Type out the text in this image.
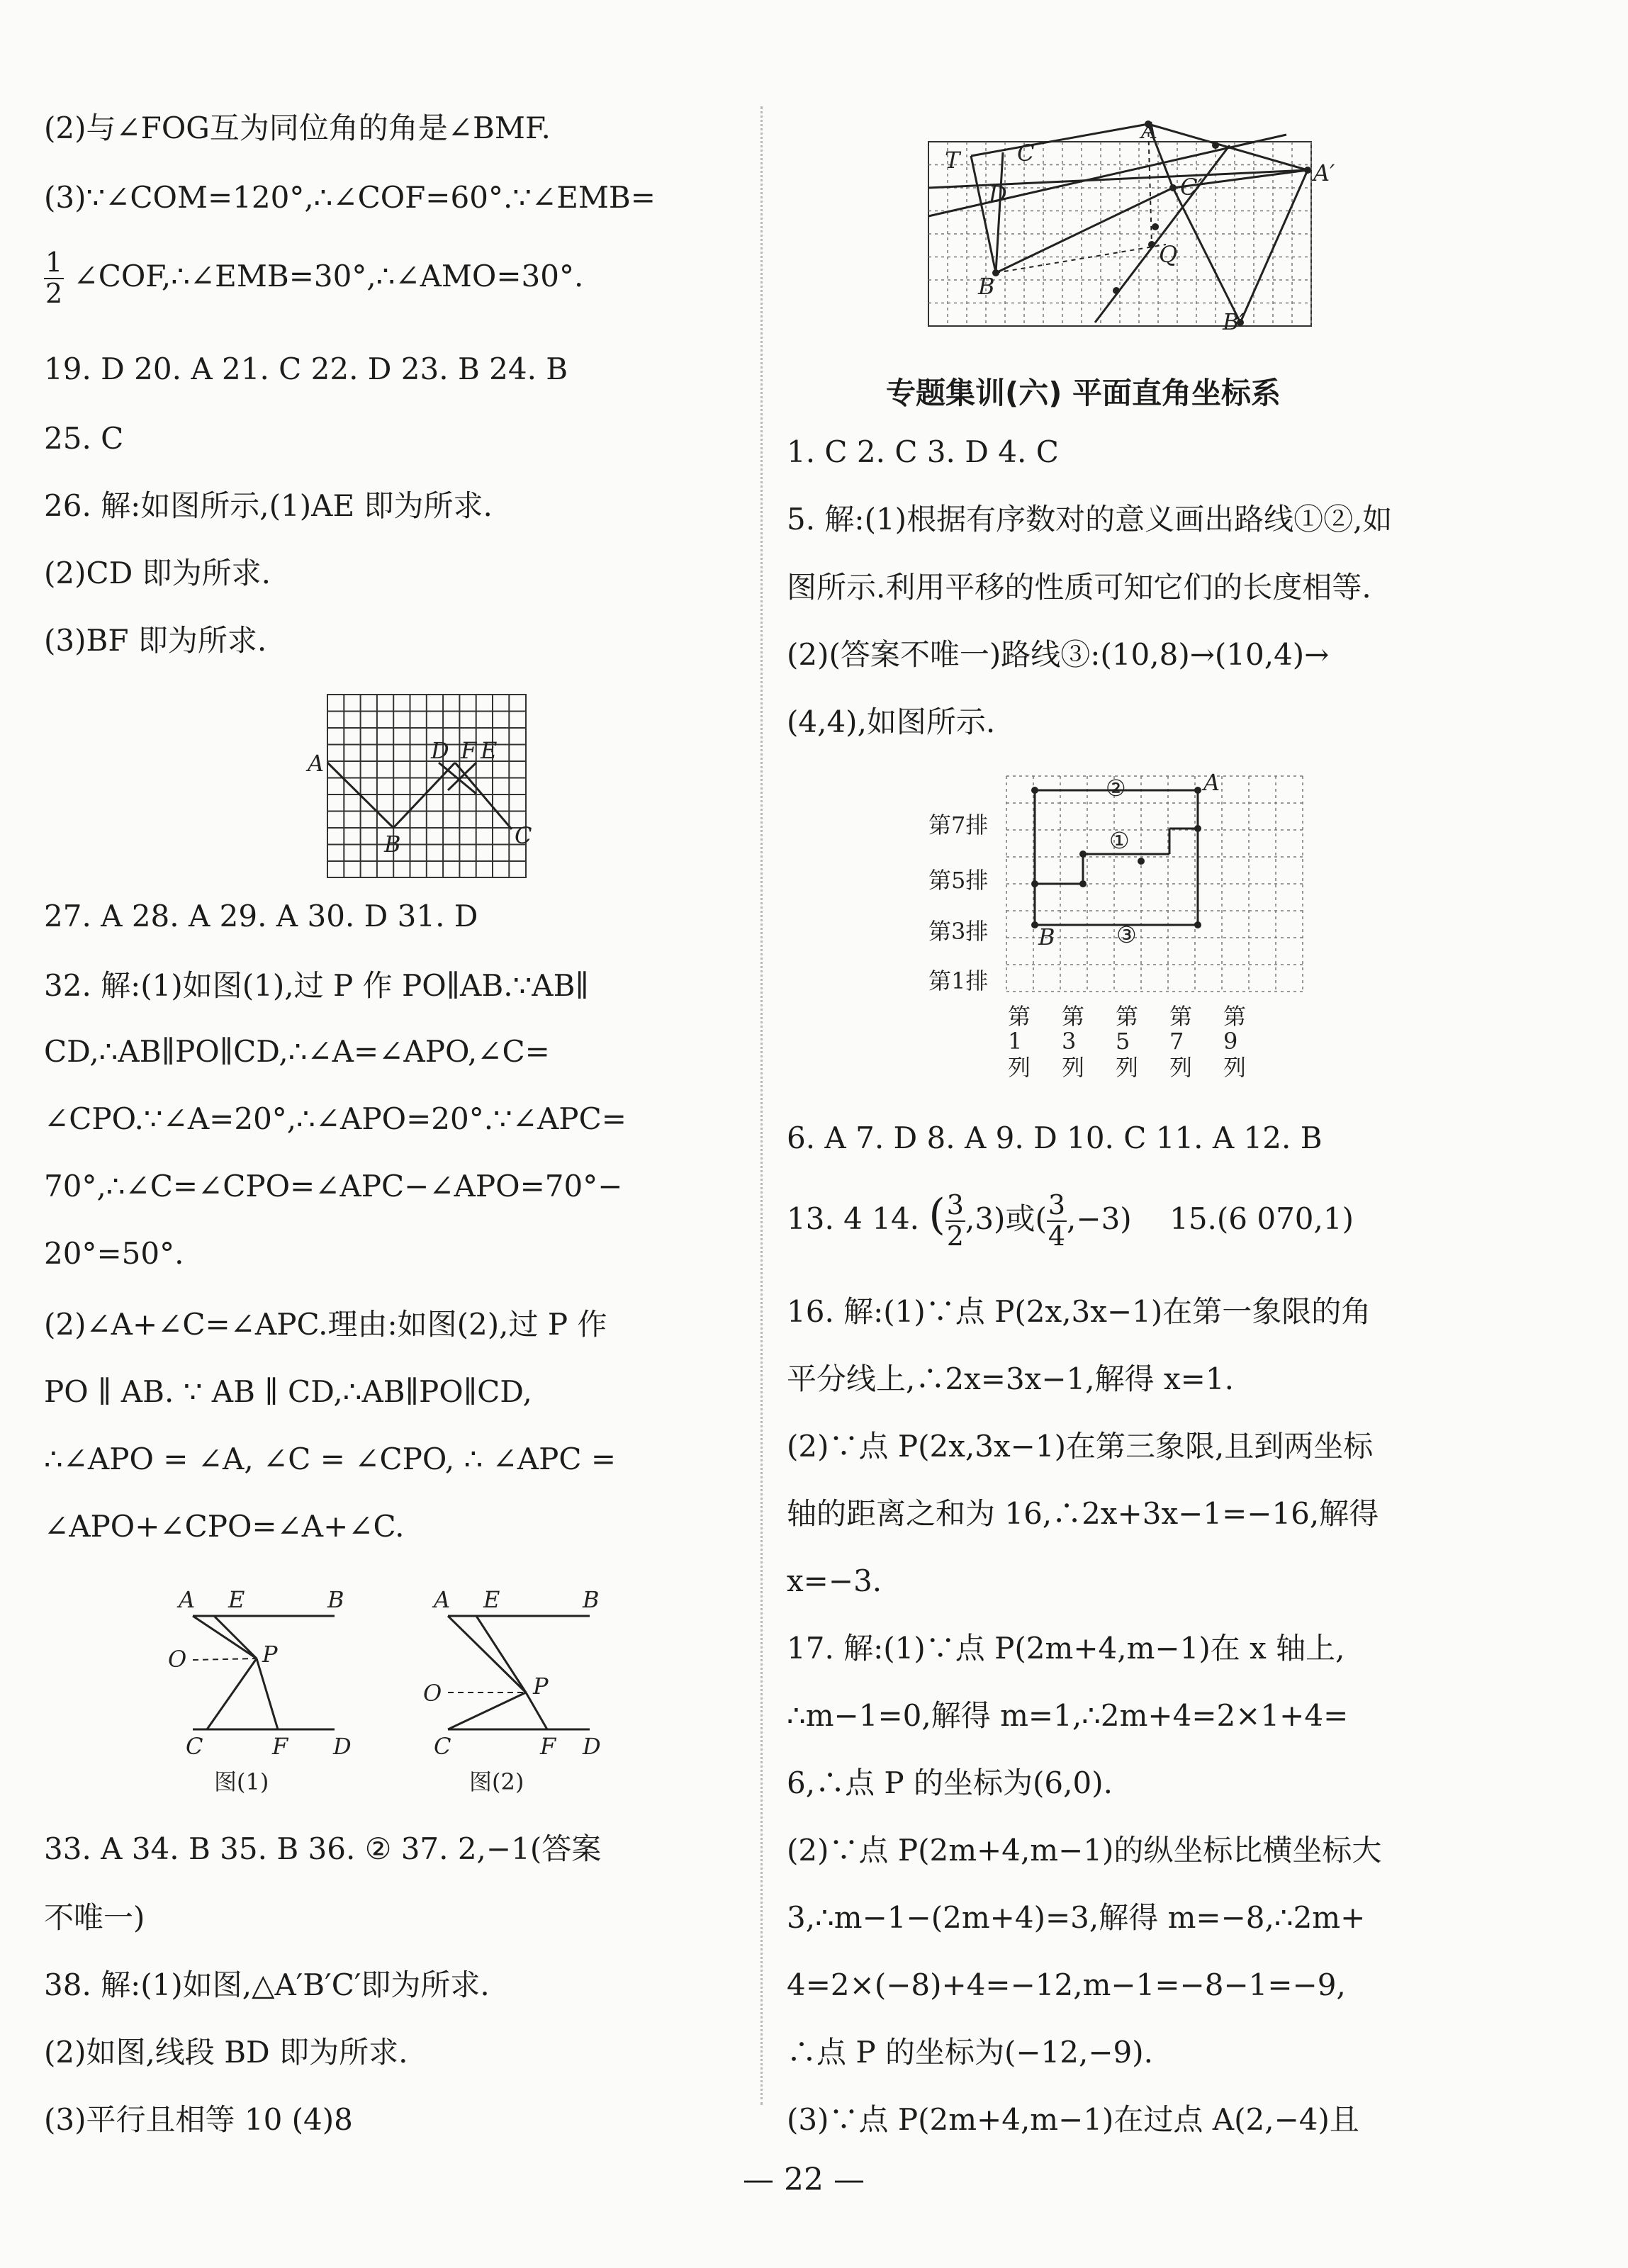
(2)与∠FOG互为同位角的角是∠BMF.
(3)∵∠COM=120°,∴∠COF=60°.∵∠EMB=
$\frac{1}{2}$ ∠COF,∴∠EMB=30°,∴∠AMO=30°.
19. D 20. A 21. C 22. D 23. B 24. B
25. C
26. 解:如图所示,(1)AE 即为所求.
(2)CD 即为所求.
(3)BF 即为所求.
A
B	C
D E
F
27. A 28. A 29. A 30. D 31. D
32. 解:(1)如图(1),过 P 作 PO∥AB.∵AB∥
CD,∴AB∥PO∥CD,∴∠A=∠APO,∠C=
∠CPO.∵∠A=20°,∴∠APO=20°.∵∠APC=
70°,∴∠C=∠CPO=∠APC−∠APO=70°−
20°=50°.
(2)∠A+∠C=∠APC.理由:如图(2),过 P 作
PO ∥ AB. ∵ AB ∥ CD,∴AB∥PO∥CD,
∴∠APO = ∠A, ∠C = ∠CPO, ∴ ∠APC =
∠APO+∠CPO=∠A+∠C.
A E	B
O	P
C	F D
图(1)
A E	B
O	P
C	F D
图(2)
33. A 34. B 35. B 36. ② 37. 2,−1(答案
不唯一)
38. 解:(1)如图,△A′B′C′即为所求.
(2)如图,线段 BD 即为所求.
(3)平行且相等 10 (4)8
T	C
A
D	C′
A′
Q
B
B′
专题集训(六) 平面直角坐标系
1. C 2. C 3. D 4. C
5. 解:(1)根据有序数对的意义画出路线①②,如
图所示.利用平移的性质可知它们的长度相等.
(2)(答案不唯一)路线③:(10,8)→(10,4)→
(4,4),如图所示.
第7排
第5排
第3排
第1排
A
B
②
①
③
第
1
列
第
3
列
第
5
列
第
7
列
第
9
列
6. A 7. D 8. A 9. D 10. C 11. A 12. B
13. 4 14. ( $\frac{3}{2} ,3$)或( $\frac{3}{4} ,-3$) 15.(6 070,1)
16. 解:(1)∵点 P(2x,3x−1)在第一象限的角
平分线上,∴2x=3x−1,解得 x=1.
(2)∵点 P(2x,3x−1)在第三象限,且到两坐标
轴的距离之和为 16,∴2x+3x−1=−16,解得
x=−3.
17. 解:(1)∵点 P(2m+4,m−1)在 x 轴上,
∴m−1=0,解得 m=1,∴2m+4=2×1+4=
6,∴点 P 的坐标为(6,0).
(2)∵点 P(2m+4,m−1)的纵坐标比横坐标大
3,∴m−1−(2m+4)=3,解得 m=−8,∴2m+
4=2×(−8)+4=−12,m−1=−8−1=−9,
∴点 P 的坐标为(−12,−9).
(3)∵点 P(2m+4,m−1)在过点 A(2,−4)且
— 22 —
